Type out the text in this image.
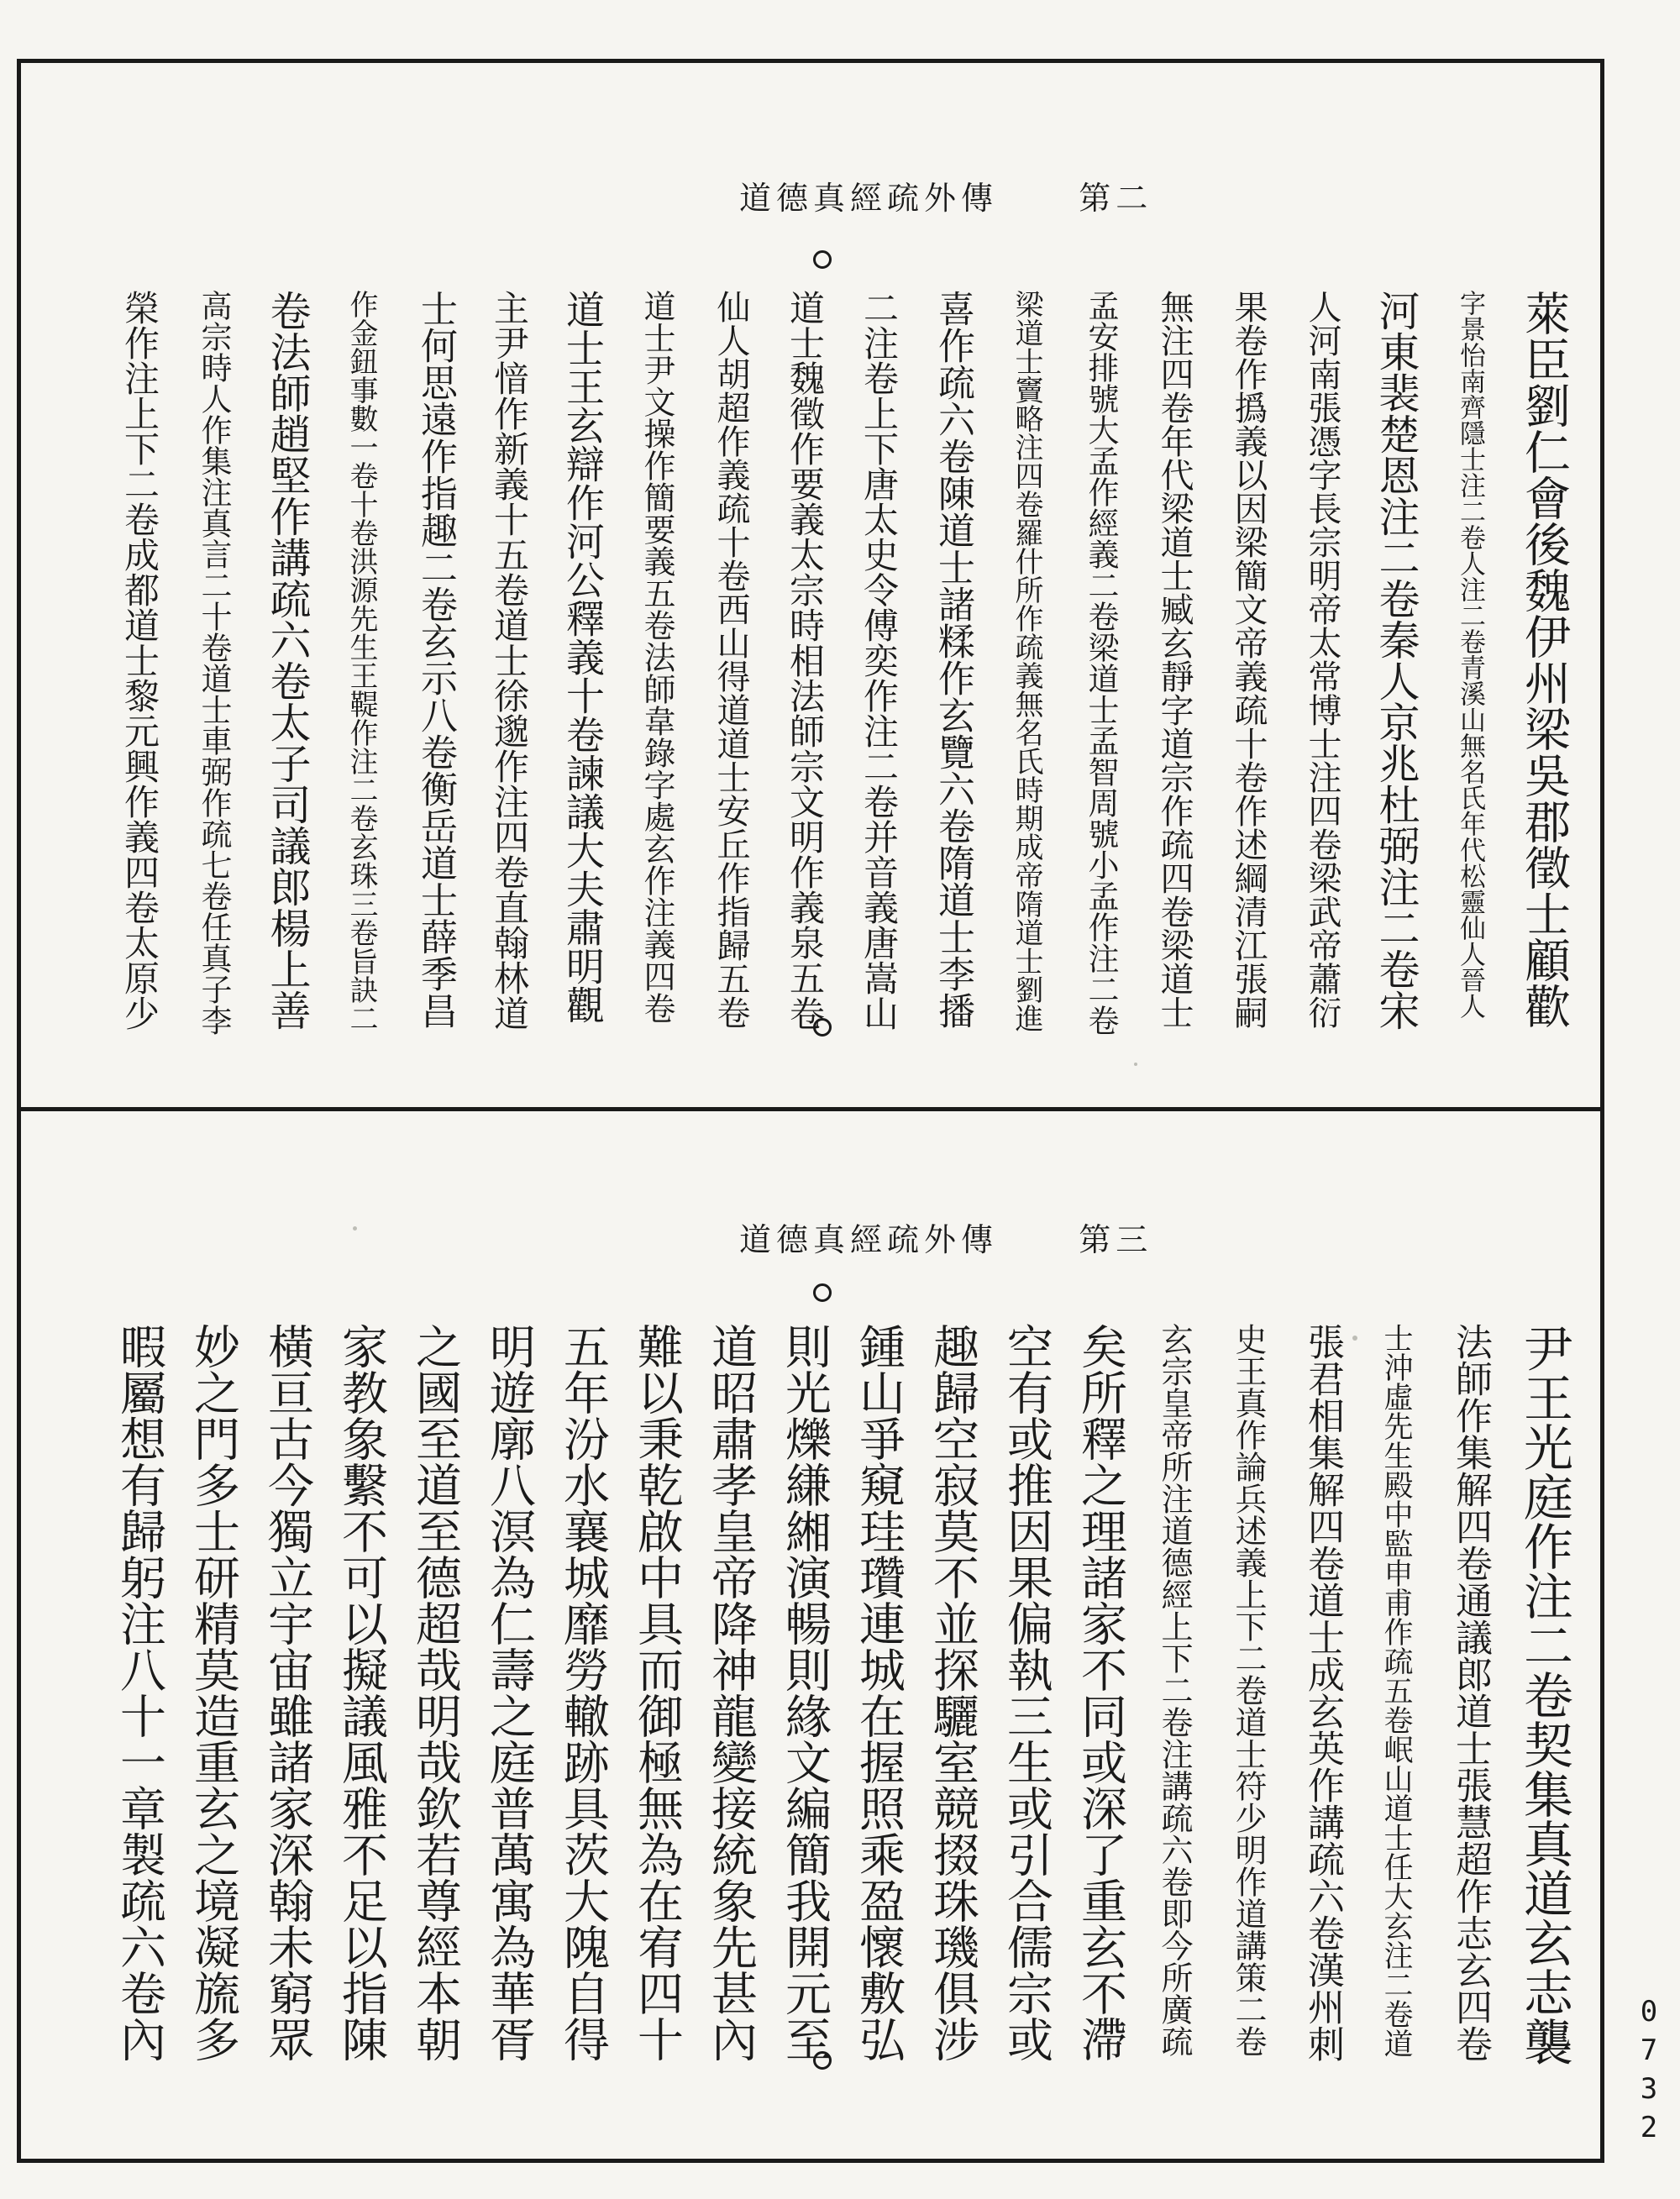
道德真經疏外傳	第二
萊臣劉仁會後魏伊州梁吳郡徵士顧歡
字景怡南齊隱士注二卷人注二卷青溪山無名氏年代松靈仙人晉人
河東裴楚恩注二卷秦人京兆杜弼注二卷宋
人河南張憑字長宗明帝太常博士注四卷梁武帝蕭衍
果卷作撝義以因梁簡文帝義疏十卷作述綱清江張嗣
無注四卷年代梁道士臧玄靜字道宗作疏四卷梁道士
孟安排號大孟作經義二卷梁道士孟智周號小孟作注二卷
梁道士竇略注四卷羅什所作疏義無名氏時期成帝隋道士劉進
喜作疏六卷陳道士諸糅作玄覽六卷隋道士李播
二注卷上下唐太史令傅奕作注二卷并音義唐嵩山
道士魏徵作要義太宗時相法師宗文明作義泉五卷
仙人胡超作義疏十卷西山得道道士安丘作指歸五卷
道士尹文操作簡要義五卷法師韋錄字處玄作注義四卷
道士王玄辯作河公釋義十卷諫議大夫肅明觀
主尹愔作新義十五卷道士徐邈作注四卷直翰林道
士何思遠作指趣二卷玄示八卷衡岳道士薛季昌
作金鈕事數一卷十卷洪源先生王鞮作注二卷玄珠三卷旨訣二
卷法師趙堅作講疏六卷太子司議郎楊上善
高宗時人作集注真言二十卷道士車弼作疏七卷任真子李
榮作注上下二卷成都道士黎元興作義四卷太原少
道德真經疏外傳	第三
尹王光庭作注二卷契集真道玄志襲
法師作集解四卷通議郎道士張慧超作志玄四卷
士沖虛先生殿中監申甫作疏五卷岷山道士任大玄注二卷道
張君相集解四卷道士成玄英作講疏六卷漢州刺
史王真作論兵述義上下二卷道士符少明作道講策二卷
玄宗皇帝所注道德經上下二卷注講疏六卷即今所廣疏
矣所釋之理諸家不同或深了重玄不滯
空有或推因果偏執三生或引合儒宗或
趣歸空寂莫不並探驪室競掇珠璣俱涉
鍾山爭窺珪瓚連城在握照乘盈懷敷弘
則光爍縑緗演暢則緣文編簡我開元至
道昭肅孝皇帝降神龍變接統象先甚內
難以秉乾啟中具而御極無為在宥四十
五年汾水襄城靡勞轍跡具茨大隗自得
明遊廓八溟為仁壽之庭普萬寓為華胥
之國至道至德超哉明哉欽若尊經本朝
家教象繫不可以擬議風雅不足以指陳
橫亘古今獨立宇宙雖諸家深翰未窮眾
妙之門多士研精莫造重玄之境凝旒多
暇屬想有歸躬注八十一章製疏六卷內
0732
